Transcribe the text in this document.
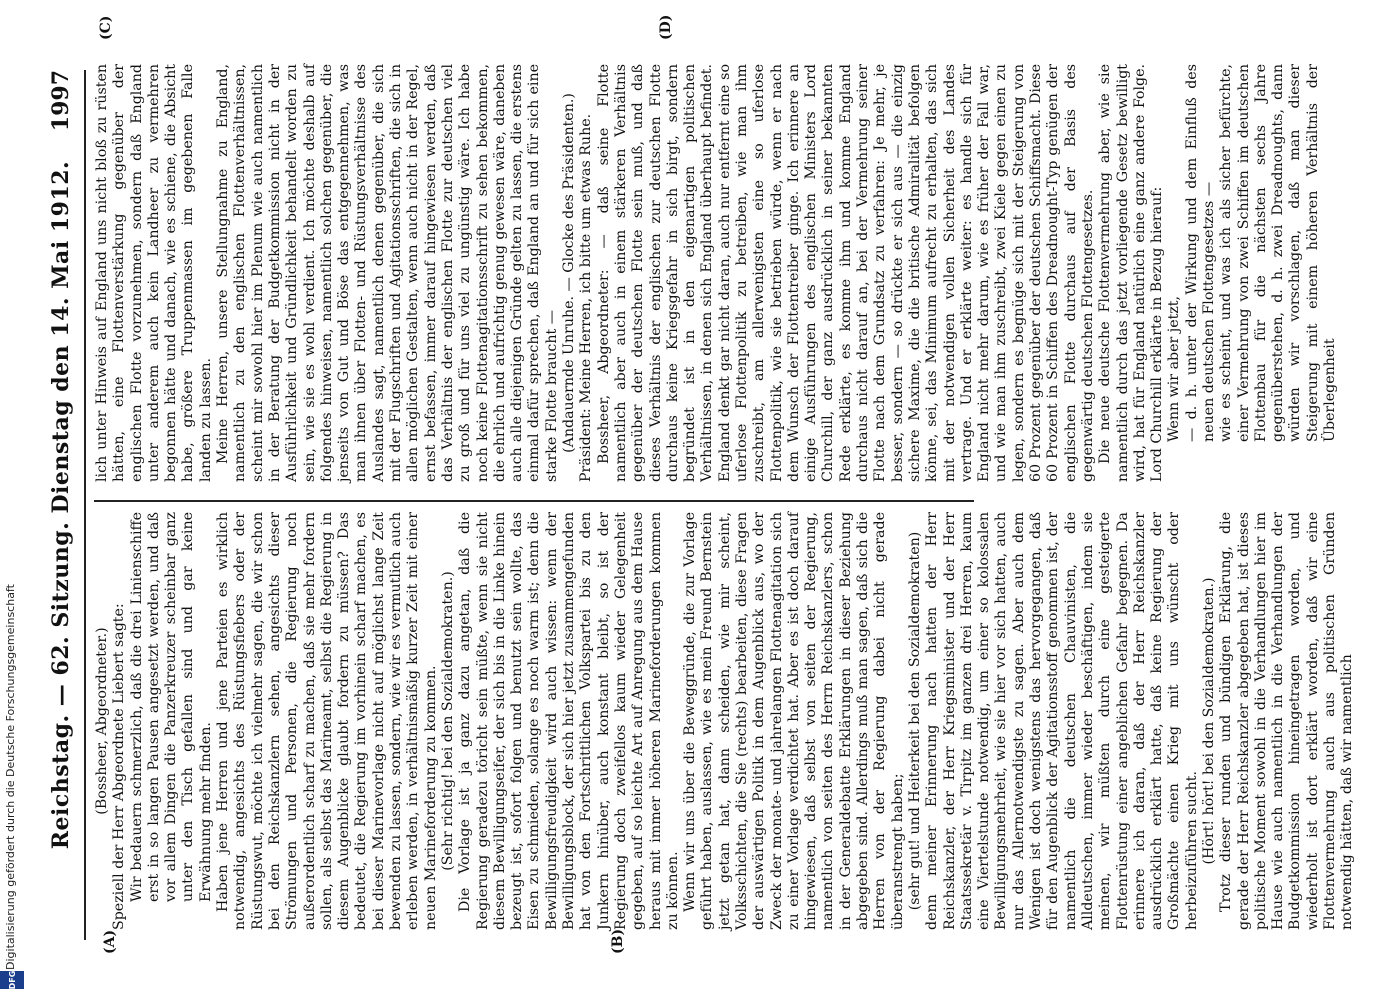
Reichstag. — 62. Sitzung. Dienstag den 14. Mai 1912.
1997
(A)	(B)
(C)	(D)

(Bossheer, Abgeordneter.) Speziell der Herr Abgeordnete Liebert sagte: Wir bedauern schmerzlich, daß die drei Linienschiffe erst in so langen Pausen angesetzt werden, und daß vor allem Dingen die Panzerkreuzer scheinbar ganz unter den Tisch gefallen sind und gar keine Erwähnung mehr finden. Haben jene Herren und jene Parteien es wirklich notwendig, angesichts des Rüstungsfiebers oder der Rüstungswut, möchte ich vielmehr sagen, die wir schon bei den Reichskanzlern sehen, angesichts dieser Strömungen und Personen, die Regierung noch außerordentlich scharf zu machen, daß sie mehr fordern sollen, als selbst das Marineamt, selbst die Regierung in diesem Augenblicke glaubt fordern zu müssen? Das bedeutet, die Regierung im vorhinein scharf machen, es bei dieser Marinevorlage nicht auf möglichst lange Zeit bewenden zu lassen, sondern, wie wir es vermutlich auch erleben werden, in verhältnismäßig kurzer Zeit mit einer neuen Marineforderung zu kommen. (Sehr richtig! bei den Sozialdemokraten.) Die Vorlage ist ja ganz dazu angetan, daß die Regierung geradezu töricht sein müßte, wenn sie nicht diesem Bewilligungseifer, der sich bis in die Linke hinein bezeugt ist, sofort folgen und benutzt sein wollte, das Eisen zu schmieden, solange es noch warm ist; denn die Bewilligungsfreudigkeit wird auch wissen: wenn der Bewilligungsblock, der sich hier jetzt zusammengefunden hat von den Fortschrittlichen Volkspartei bis zu den Junkern hinüber, auch konstant bleibt, so ist der Regierung doch zweifellos kaum wieder Gelegenheit gegeben, auf so leichte Art auf Anregung aus dem Hause heraus mit immer höheren Marineforderungen kommen zu können. Wenn wir uns über die Beweggründe, die zur Vorlage geführt haben, auslassen, wie es mein Freund Bernstein jetzt getan hat, dann scheiden, wie mir scheint, Volksschichten, die Sie (rechts) bearbeiten, diese Fragen der auswärtigen Politik in dem Augenblick aus, wo der Zweck der monate- und jahrelangen Flottenagitation sich zu einer Vorlage verdichtet hat. Aber es ist doch darauf hingewiesen, daß selbst von seiten der Regierung, namentlich von seiten des Herrn Reichskanzlers, schon in der Generaldebatte Erklärungen in dieser Beziehung abgegeben sind. Allerdings muß man sagen, daß sich die Herren von der Regierung dabei nicht gerade überanstrengt haben; (sehr gut! und Heiterkeit bei den Sozialdemokraten) denn meiner Erinnerung nach hatten der Herr Reichskanzler, der Herr Kriegsminister und der Herr Staatssekretär v. Tirpitz im ganzen drei Herren, kaum eine Viertelstunde notwendig, um einer so kolossalen Bewilligungsmehrheit, wie sie hier vor sich hatten, auch nur das Allernotwendigste zu sagen. Aber auch dem Wenigen ist doch wenigstens das hervorgegangen, daß für den Augenblick der Agitationsstoff genommen ist, der namentlich die deutschen Chauvinisten, die Alldeutschen, immer wieder beschäftigen, indem sie meinen, wir müßten durch eine gesteigerte Flottenrüstung einer angeblichen Gefahr begegnen. Da erinnere ich daran, daß der Herr Reichskanzler ausdrücklich erklärt hatte, daß keine Regierung der Großmächte einen Krieg mit uns wünscht oder herbeizuführen sucht. (Hört! hört! bei den Sozialdemokraten.) Trotz dieser runden und bündigen Erklärung, die gerade der Herr Reichskanzler abgegeben hat, ist dieses politische Moment sowohl in die Verhandlungen hier im Hause wie auch namentlich in die Verhandlungen der Budgetkommission hineingetragen worden, und wiederholt ist dort erklärt worden, daß wir eine Flottenvermehrung auch aus politischen Gründen notwendig hätten, daß wir namentlich

lich unter Hinweis auf England uns nicht bloß zu rüsten hätten, eine Flottenverstärkung gegenüber der englischen Flotte vorzunehmen, sondern daß England unter anderem auch kein Landheer zu vermehren begonnen hätte und danach, wie es schiene, die Absicht habe, größere Truppenmassen im gegebenen Falle landen zu lassen. Meine Herren, unsere Stellungnahme zu England, namentlich zu den englischen Flottenverhältnissen, scheint mir sowohl hier im Plenum wie auch namentlich in der Beratung der Budgetkommission nicht in der Ausführlichkeit und Gründlichkeit behandelt worden zu sein, wie sie es wohl verdient. Ich möchte deshalb auf folgendes hinweisen, namentlich solchen gegenüber, die jenseits von Gut und Böse das entgegennehmen, was man ihnen über Flotten- und Rüstungsverhältnisse des Auslandes sagt, namentlich denen gegenüber, die sich mit der Flugschriften und Agitationsschriften, die sich in allen möglichen Gestalten, wenn auch nicht in der Regel, ernst befassen, immer darauf hingewiesen werden, daß das Verhältnis der englischen Flotte zur deutschen viel zu groß und für uns viel zu ungünstig wäre. Ich habe noch keine Flottenagitationsschrift zu sehen bekommen, die ehrlich und aufrichtig genug gewesen wäre, daneben auch alle diejenigen Gründe gelten zu lassen, die erstens einmal dafür sprechen, daß England an und für sich eine starke Flotte braucht — (Andauernde Unruhe. — Glocke des Präsidenten.) Präsident: Meine Herren, ich bitte um etwas Ruhe. Bossheer, Abgeordneter: — daß seine Flotte namentlich aber auch in einem stärkeren Verhältnis gegenüber der deutschen Flotte sein muß, und daß dieses Verhältnis der englischen zur deutschen Flotte durchaus keine Kriegsgefahr in sich birgt, sondern begründet ist in den eigenartigen politischen Verhältnissen, in denen sich England überhaupt befindet. England denkt gar nicht daran, auch nur entfernt eine so uferlose Flottenpolitik zu betreiben, wie man ihm zuschreibt, am allerwenigsten eine so uferlose Flottenpolitik, wie sie betrieben würde, wenn er nach dem Wunsch der Flottentreiber ginge. Ich erinnere an einige Ausführungen des englischen Ministers Lord Churchill, der ganz ausdrücklich in seiner bekannten Rede erklärte, es komme ihm und komme England durchaus nicht darauf an, bei der Vermehrung seiner Flotte nach dem Grundsatz zu verfahren: Je mehr, je besser, sondern — so drückte er sich aus — die einzig sichere Maxime, die die britische Admiralität befolgen könne, sei, das Minimum aufrecht zu erhalten, das sich mit der notwendigen vollen Sicherheit des Landes vertrage. Und er erklärte weiter: es handle sich für England nicht mehr darum, wie es früher der Fall war, und wie man ihm zuschreibt, zwei Kiele gegen einen zu legen, sondern es begnüge sich mit der Steigerung von 60 Prozent gegenüber der deutschen Schiffsmacht. Diese 60 Prozent in Schiffen des Dreadnought-Typ genügen der englischen Flotte durchaus auf der Basis des gegenwärtig deutschen Flottengesetzes. Die neue deutsche Flottenvermehrung aber, wie sie namentlich durch das jetzt vorliegende Gesetz bewilligt wird, hat für England natürlich eine ganz andere Folge. Lord Churchill erklärte in Bezug hierauf: Wenn wir aber jetzt, — d. h. unter der Wirkung und dem Einfluß des neuen deutschen Flottengesetzes — wie es scheint, und was ich als sicher befürchte, einer Vermehrung von zwei Schiffen im deutschen Flottenbau für die nächsten sechs Jahre gegenüberstehen, d. h. zwei Dreadnoughts, dann würden wir vorschlagen, daß man dieser Steigerung mit einem höheren Verhältnis der Überlegenheit

Digitalisierung gefördert durch die Deutsche Forschungsgemeinschaft
DFG
